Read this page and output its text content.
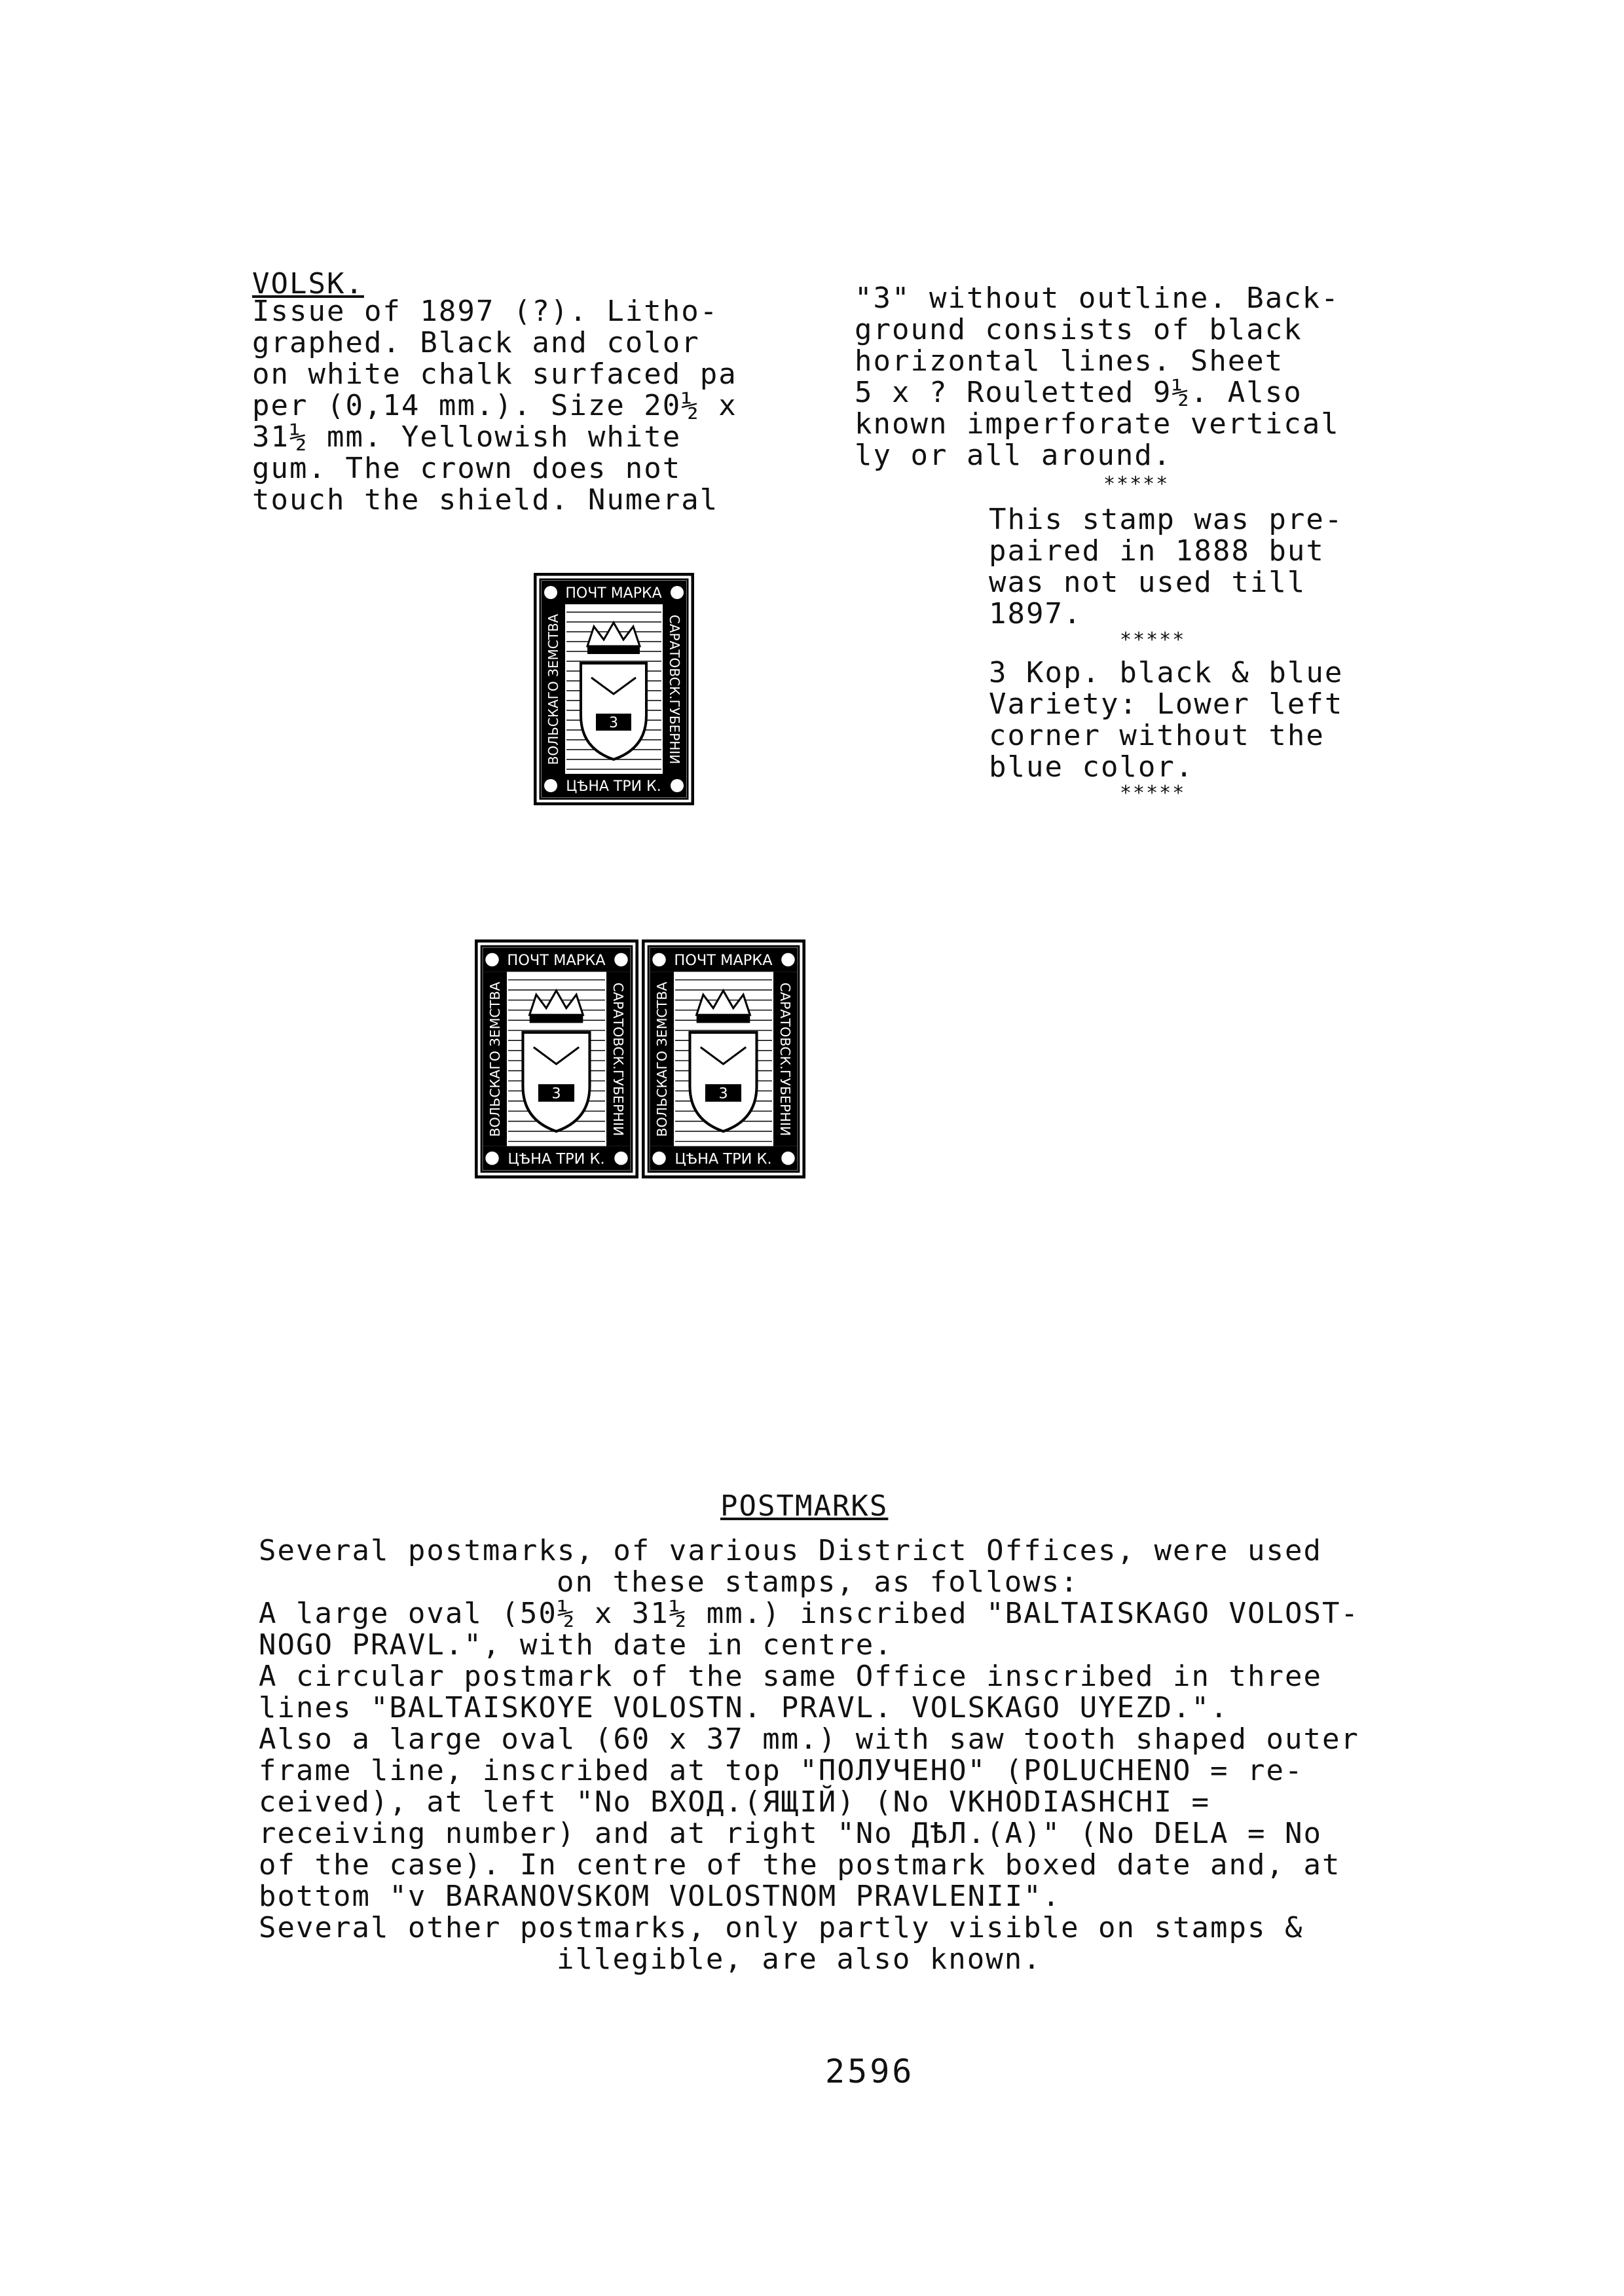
VOLSK.
Issue of 1897 (?). Litho-
graphed. Black and color
on white chalk surfaced pa
per (0,14 mm.). Size 20½ x
31½ mm. Yellowish white
gum. The crown does not
touch the shield. Numeral
"3" without outline. Back-
ground consists of black
horizontal lines. Sheet
5 x ? Rouletted 9½. Also
known imperforate vertical
ly or all around.
*****
This stamp was pre-
paired in 1888 but
was not used till
1897.
*****
3 Kop. black & blue
Variety: Lower left
corner without the
blue color.
*****
ПОЧТ МАРКА
ЦѢНА ТРИ К.
ВОЛЬСКАГО ЗЕМСТВА	САРАТОВСК.ГУБЕРНІИ
3
ПОЧТ МАРКА
ЦѢНА ТРИ К.
ВОЛЬСКАГО ЗЕМСТВА	САРАТОВСК.ГУБЕРНІИ
3
ПОЧТ МАРКА
ЦѢНА ТРИ К.
ВОЛЬСКАГО ЗЕМСТВА	САРАТОВСК.ГУБЕРНІИ
3
POSTMARKS
Several postmarks, of various District Offices, were used
on these stamps, as follows:
A large oval (50½ x 31½ mm.) inscribed "BALTAISKAGO VOLOST-
NOGO PRAVL.", with date in centre.
A circular postmark of the same Office inscribed in three
lines "BALTAISKOYE VOLOSTN. PRAVL. VOLSKAGO UYEZD.".
Also a large oval (60 x 37 mm.) with saw tooth shaped outer
frame line, inscribed at top "ПОЛУЧЕНО" (POLUCHENO = re-
ceived), at left "No ВХОД.(ЯЩІЙ) (No VKHODIASHCHI =
receiving number) and at right "No ДѢЛ.(А)" (No DELA = No
of the case). In centre of the postmark boxed date and, at
bottom "v BARANOVSKOM VOLOSTNOM PRAVLENII".
Several other postmarks, only partly visible on stamps &
illegible, are also known.
2596
